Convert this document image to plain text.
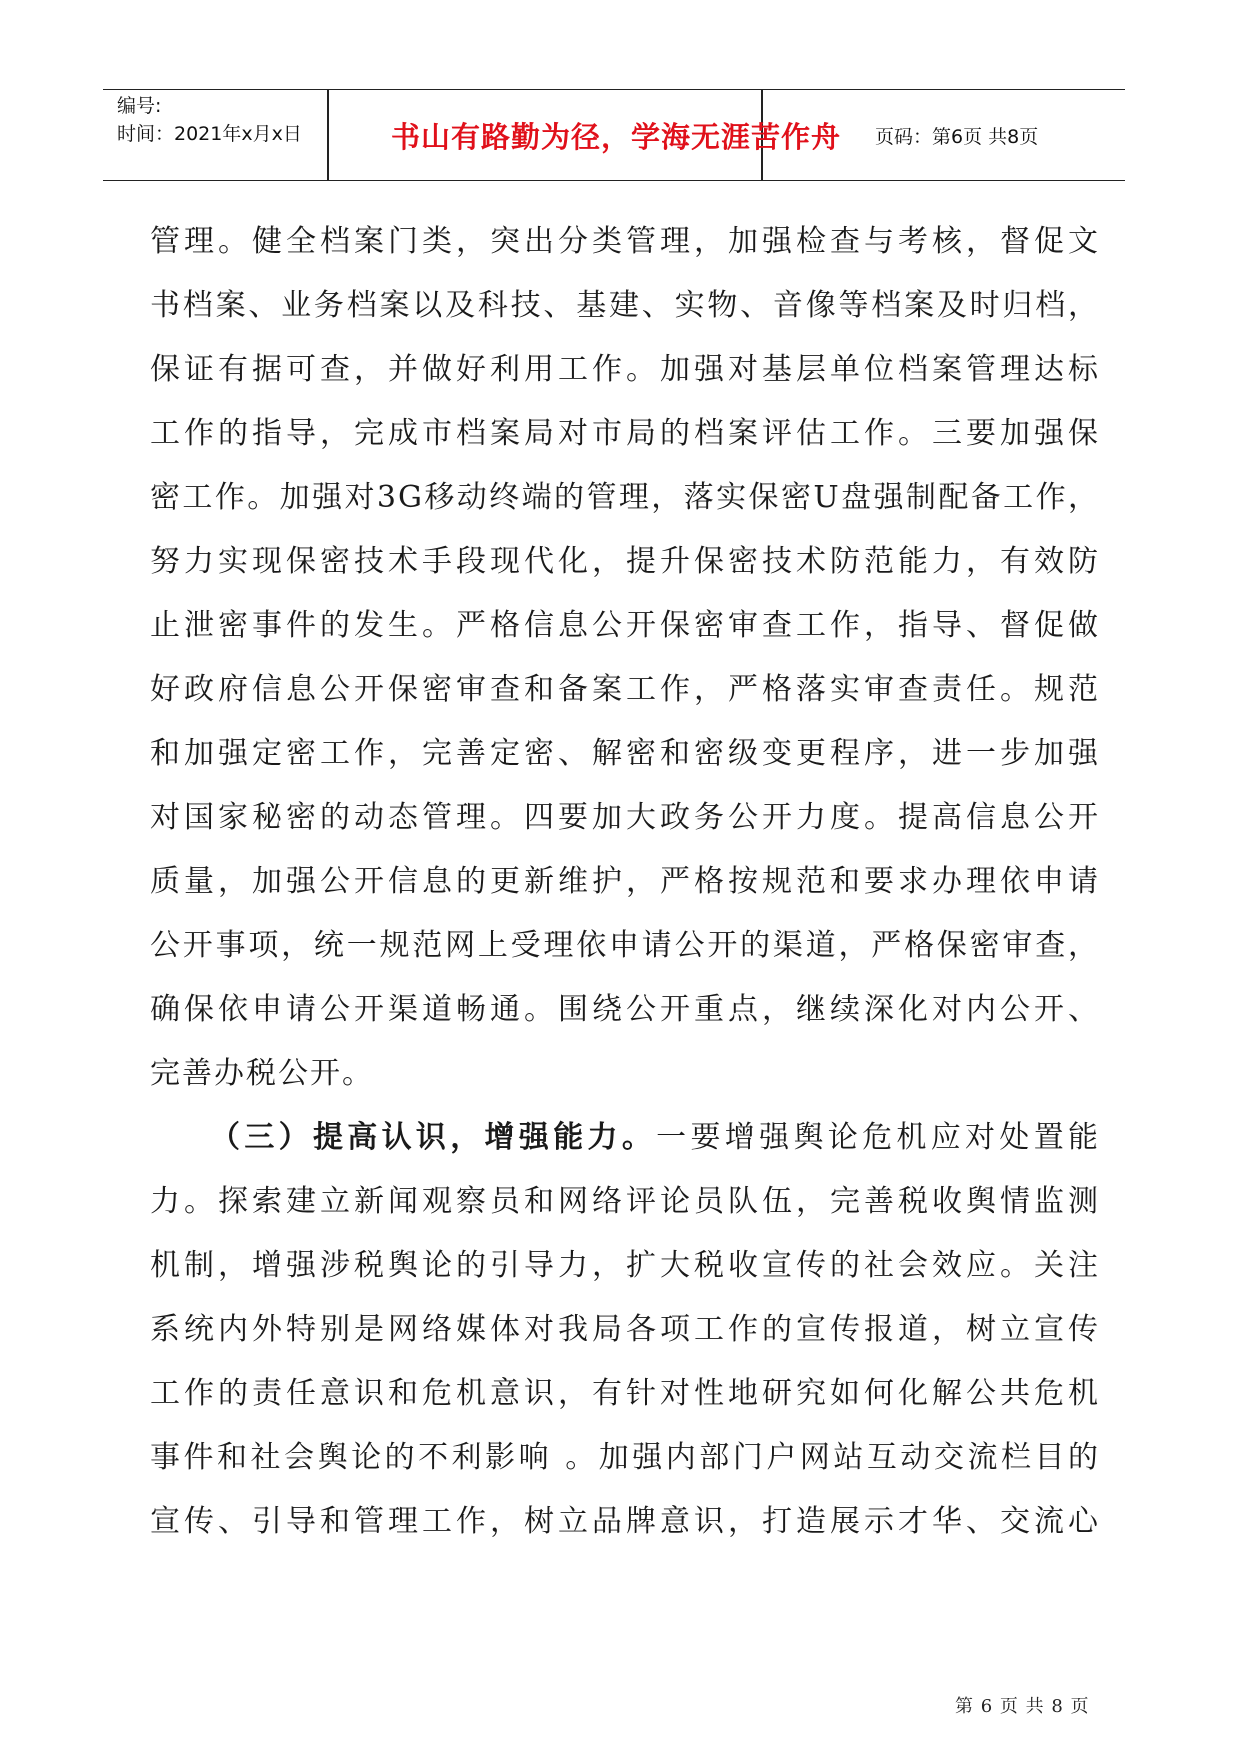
编号:
时间：2021年x月x日	书山有路勤为径，学海无涯苦作舟	页码：第6页 共8页
管理。健全档案门类，突出分类管理，加强检查与考核，督促文
书档案、业务档案以及科技、基建、实物、音像等档案及时归档，
保证有据可查，并做好利用工作。加强对基层单位档案管理达标
工作的指导，完成市档案局对市局的档案评估工作。三要加强保
密工作。加强对3G移动终端的管理，落实保密U盘强制配备工作，
努力实现保密技术手段现代化，提升保密技术防范能力，有效防
止泄密事件的发生。严格信息公开保密审查工作，指导、督促做
好政府信息公开保密审查和备案工作，严格落实审查责任。规范
和加强定密工作，完善定密、解密和密级变更程序，进一步加强
对国家秘密的动态管理。四要加大政务公开力度。提高信息公开
质量，加强公开信息的更新维护，严格按规范和要求办理依申请
公开事项，统一规范网上受理依申请公开的渠道，严格保密审查，
确保依申请公开渠道畅通。围绕公开重点，继续深化对内公开、
完善办税公开。
（三）提高认识，增强能力。一要增强舆论危机应对处置能
力。探索建立新闻观察员和网络评论员队伍，完善税收舆情监测
机制，增强涉税舆论的引导力，扩大税收宣传的社会效应。关注
系统内外特别是网络媒体对我局各项工作的宣传报道，树立宣传
工作的责任意识和危机意识，有针对性地研究如何化解公共危机
事件和社会舆论的不利影响 。加强内部门户网站互动交流栏目的
宣传、引导和管理工作，树立品牌意识，打造展示才华、交流心
第 6 页 共 8 页
